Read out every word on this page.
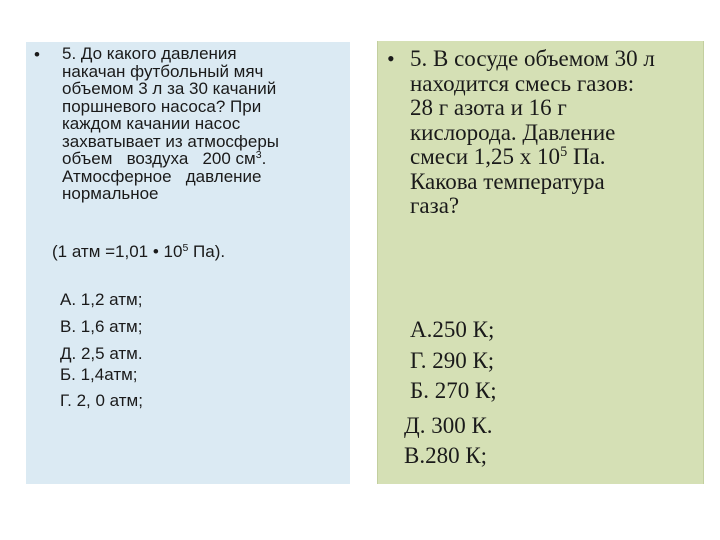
• 5. До какого давления
накачан футбольный мяч
объемом 3 л за 30 качаний
поршневого насоса? При
каждом качании насос
захватывает из атмосферы
объем   воздуха   200 $см^3$.
Атмосферное   давление
нормальное
(1 атм =1,01 • $10^5$ Па).
А. 1,2 атм;
В. 1,6 атм;
Д. 2,5 атм.
Б. 1,4атм;
Г. 2, 0 атм;
• 5. В сосуде объемом 30 л
находится смесь газов:
28 г азота и 16 г
кислорода. Давление
смеси 1,25 х $10^5$ Па.
Какова температура
газа?
А.250 К;
Г. 290 К;
Б. 270 К;
Д. 300 К.
В.280 К;
